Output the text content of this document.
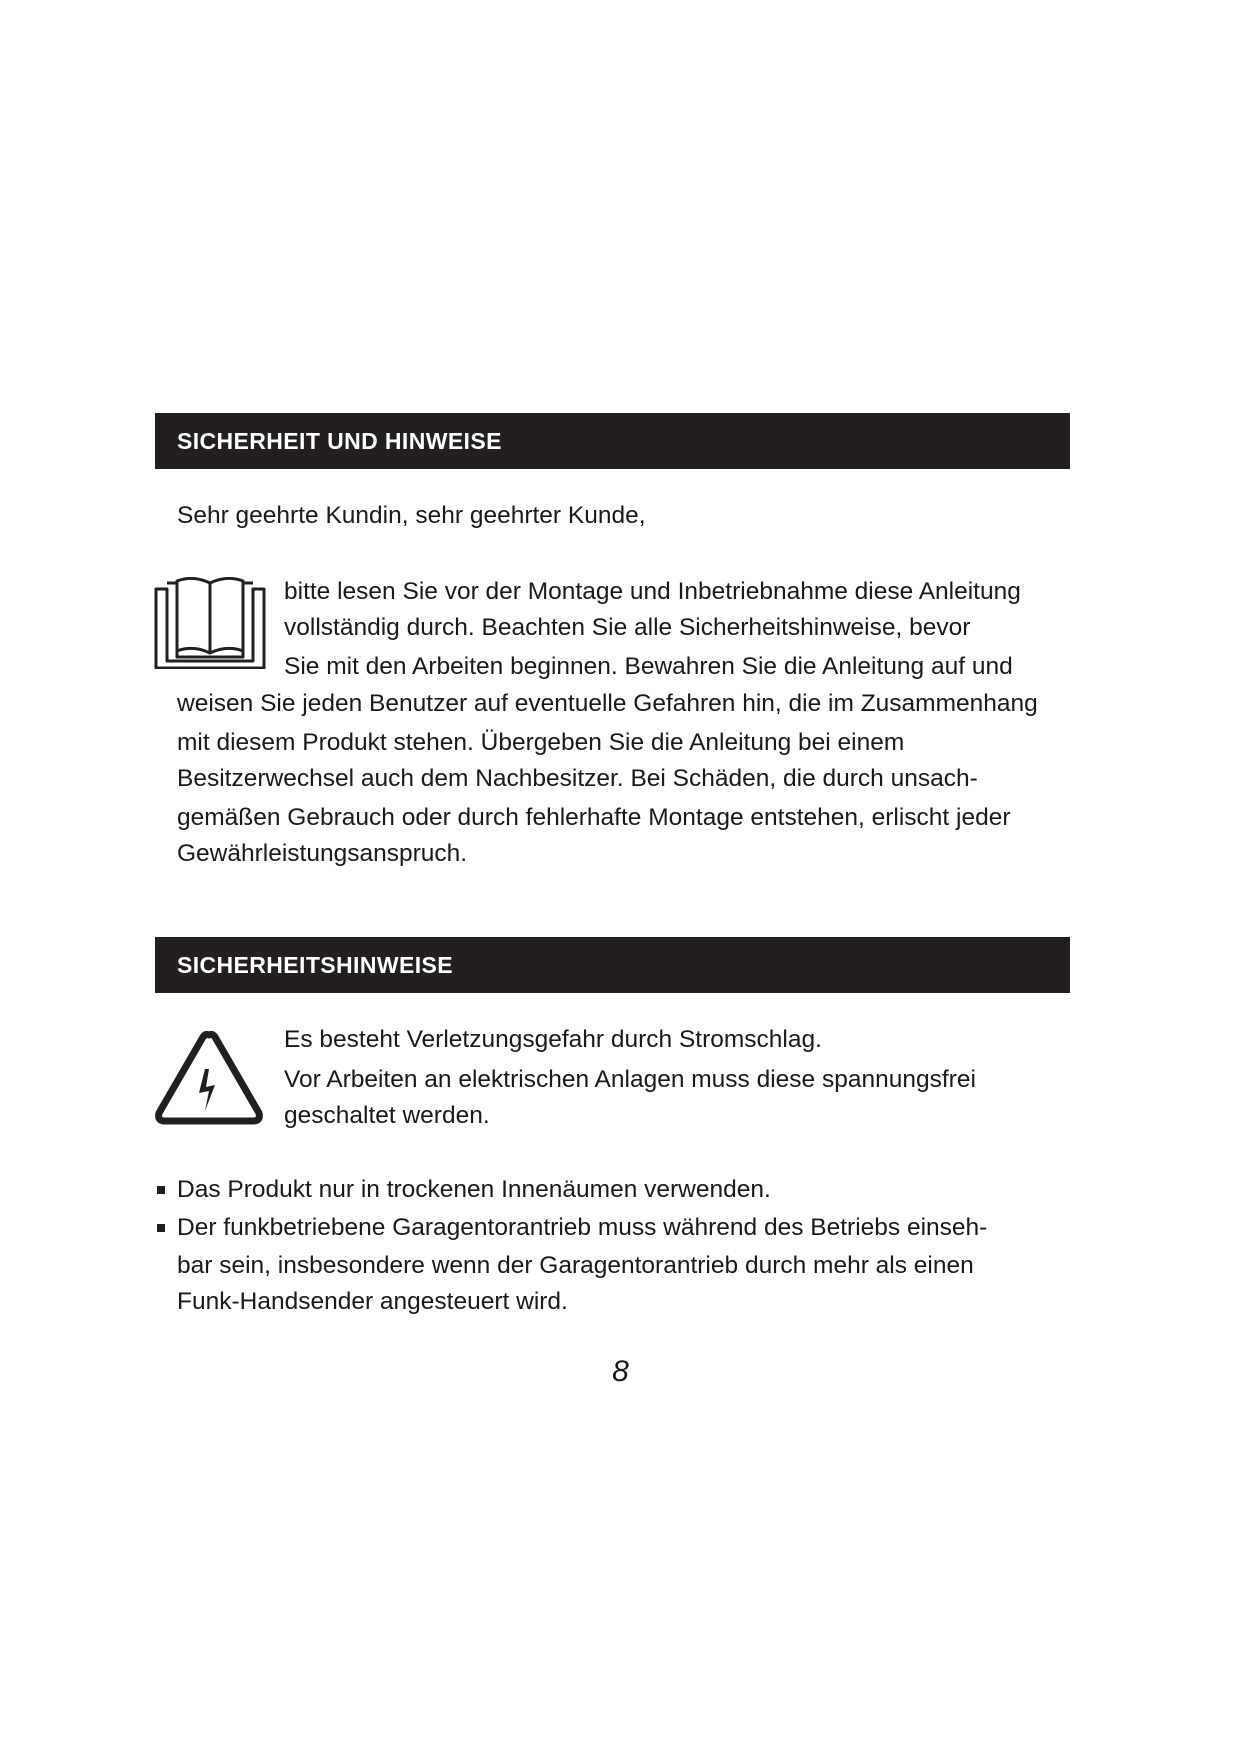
SICHERHEIT UND HINWEISE
Sehr geehrte Kundin, sehr geehrter Kunde,
bitte lesen Sie vor der Montage und Inbetriebnahme diese Anleitung
vollständig durch. Beachten Sie alle Sicherheitshinweise, bevor
Sie mit den Arbeiten beginnen. Bewahren Sie die Anleitung auf und
weisen Sie jeden Benutzer auf eventuelle Gefahren hin, die im Zusammenhang
mit diesem Produkt stehen. Übergeben Sie die Anleitung bei einem
Besitzerwechsel auch dem Nachbesitzer. Bei Schäden, die durch unsach-
gemäßen Gebrauch oder durch fehlerhafte Montage entstehen, erlischt jeder
Gewährleistungsanspruch.
SICHERHEITSHINWEISE
Es besteht Verletzungsgefahr durch Stromschlag.
Vor Arbeiten an elektrischen Anlagen muss diese spannungsfrei
geschaltet werden.
Das Produkt nur in trockenen Innenäumen verwenden.
Der funkbetriebene Garagentorantrieb muss während des Betriebs einseh-
bar sein, insbesondere wenn der Garagentorantrieb durch mehr als einen
Funk-Handsender angesteuert wird.
8
